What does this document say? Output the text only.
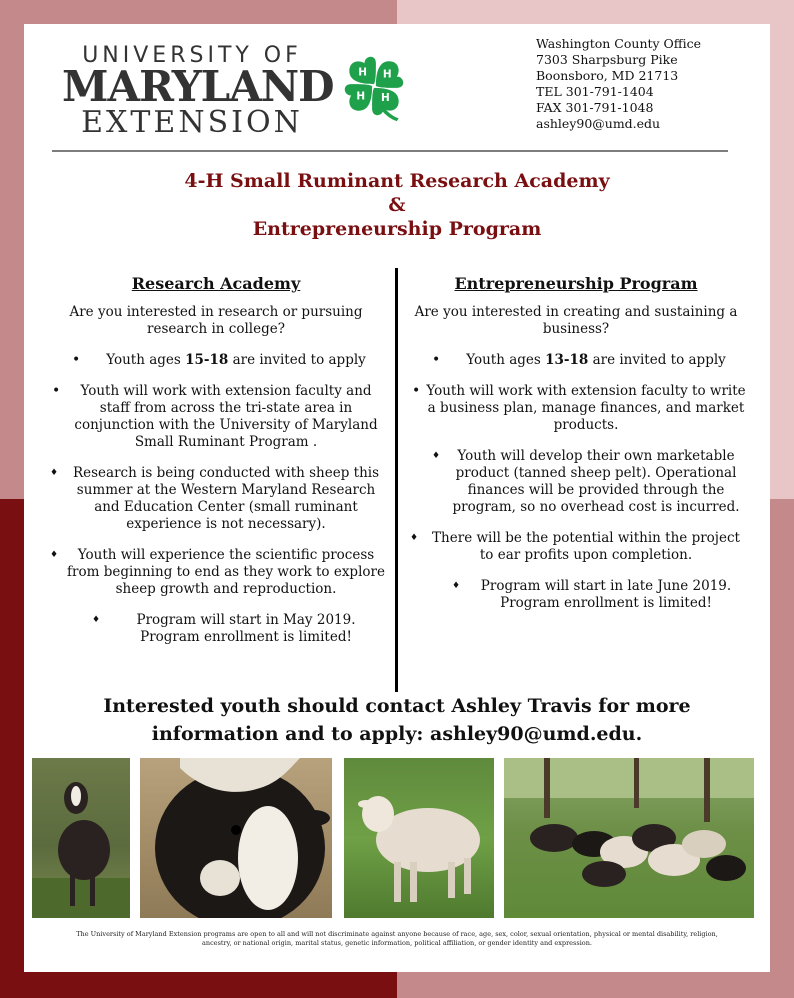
UNIVERSITY OF
MARYLAND
EXTENSION
H H
H
H
Washington County Office
7303 Sharpsburg Pike
Boonsboro, MD 21713
TEL 301-791-1404
FAX 301-791-1048
ashley90@umd.edu
4-H Small Ruminant Research Academy
&
Entrepreneurship Program
Research Academy

Are you interested in research or pursuing research in college?

• Youth ages 15-18 are invited to apply
• Youth will work with extension faculty and staff from across the tri-state area in conjunction with the University of Maryland Small Ruminant Program .
♦ Research is being conducted with sheep this summer at the Western Maryland Research and Education Center (small ruminant experience is not necessary).
♦ Youth will experience the scientific process from beginning to end as they work to explore sheep growth and reproduction.
♦	Program will start in May 2019. Program enrollment is limited!
Entrepreneurship Program

Are you interested in creating and sustaining a business?

• Youth ages 13-18 are invited to apply
• Youth will work with extension faculty to write a business plan, manage finances, and market products.
♦ Youth will develop their own marketable product (tanned sheep pelt). Operational finances will be provided through the program, so no overhead cost is incurred.
♦ There will be the potential within the project to ear profits upon completion.
♦ Program will start in late June 2019. Program enrollment is limited!
Interested youth should contact Ashley Travis for more
information and to apply: ashley90@umd.edu.
The University of Maryland Extension programs are open to all and will not discriminate against anyone because of race, age, sex, color, sexual orientation, physical or mental disability, religion, ancestry, or national origin, marital status, genetic information, political affiliation, or gender identity and expression.
